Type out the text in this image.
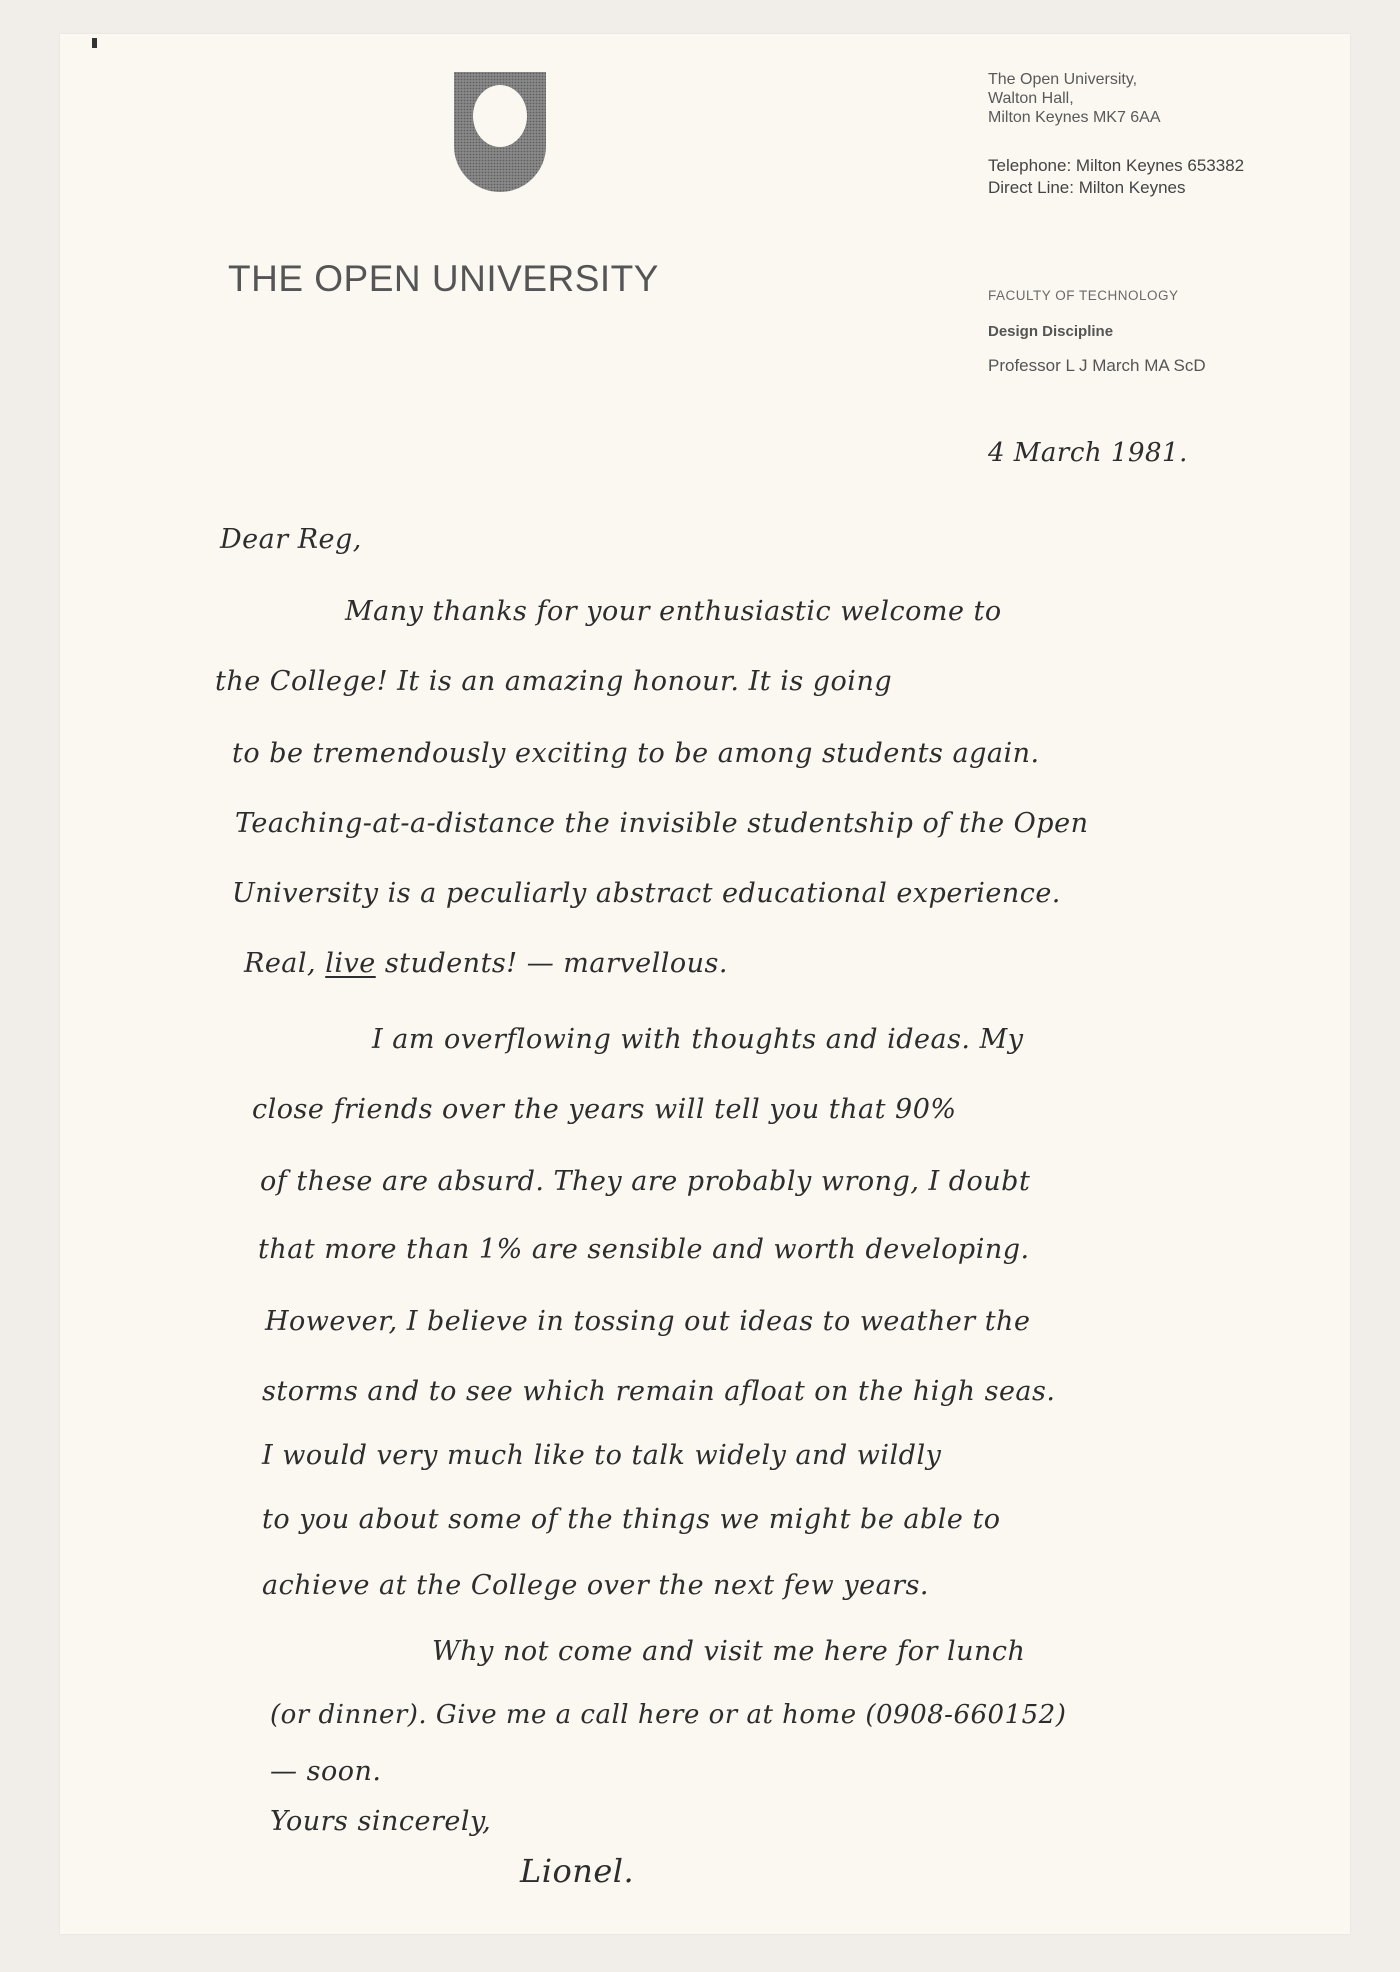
THE OPEN UNIVERSITY
The Open University,
Walton Hall,
Milton Keynes MK7 6AA
Telephone: Milton Keynes 653382
Direct Line: Milton Keynes
FACULTY OF TECHNOLOGY
Design Discipline
Professor L J March MA ScD
4 March 1981.
Dear Reg,
Many thanks for your enthusiastic welcome to
the College! It is an amazing honour. It is going
to be tremendously exciting to be among students again.
Teaching-at-a-distance the invisible studentship of the Open
University is a peculiarly abstract educational experience.
Real, live students! — marvellous.
I am overflowing with thoughts and ideas. My
close friends over the years will tell you that 90%
of these are absurd. They are probably wrong, I doubt
that more than 1% are sensible and worth developing.
However, I believe in tossing out ideas to weather the
storms and to see which remain afloat on the high seas.
I would very much like to talk widely and wildly
to you about some of the things we might be able to
achieve at the College over the next few years.
Why not come and visit me here for lunch
(or dinner). Give me a call here or at home (0908-660152)
— soon.
Yours sincerely,
Lionel.
